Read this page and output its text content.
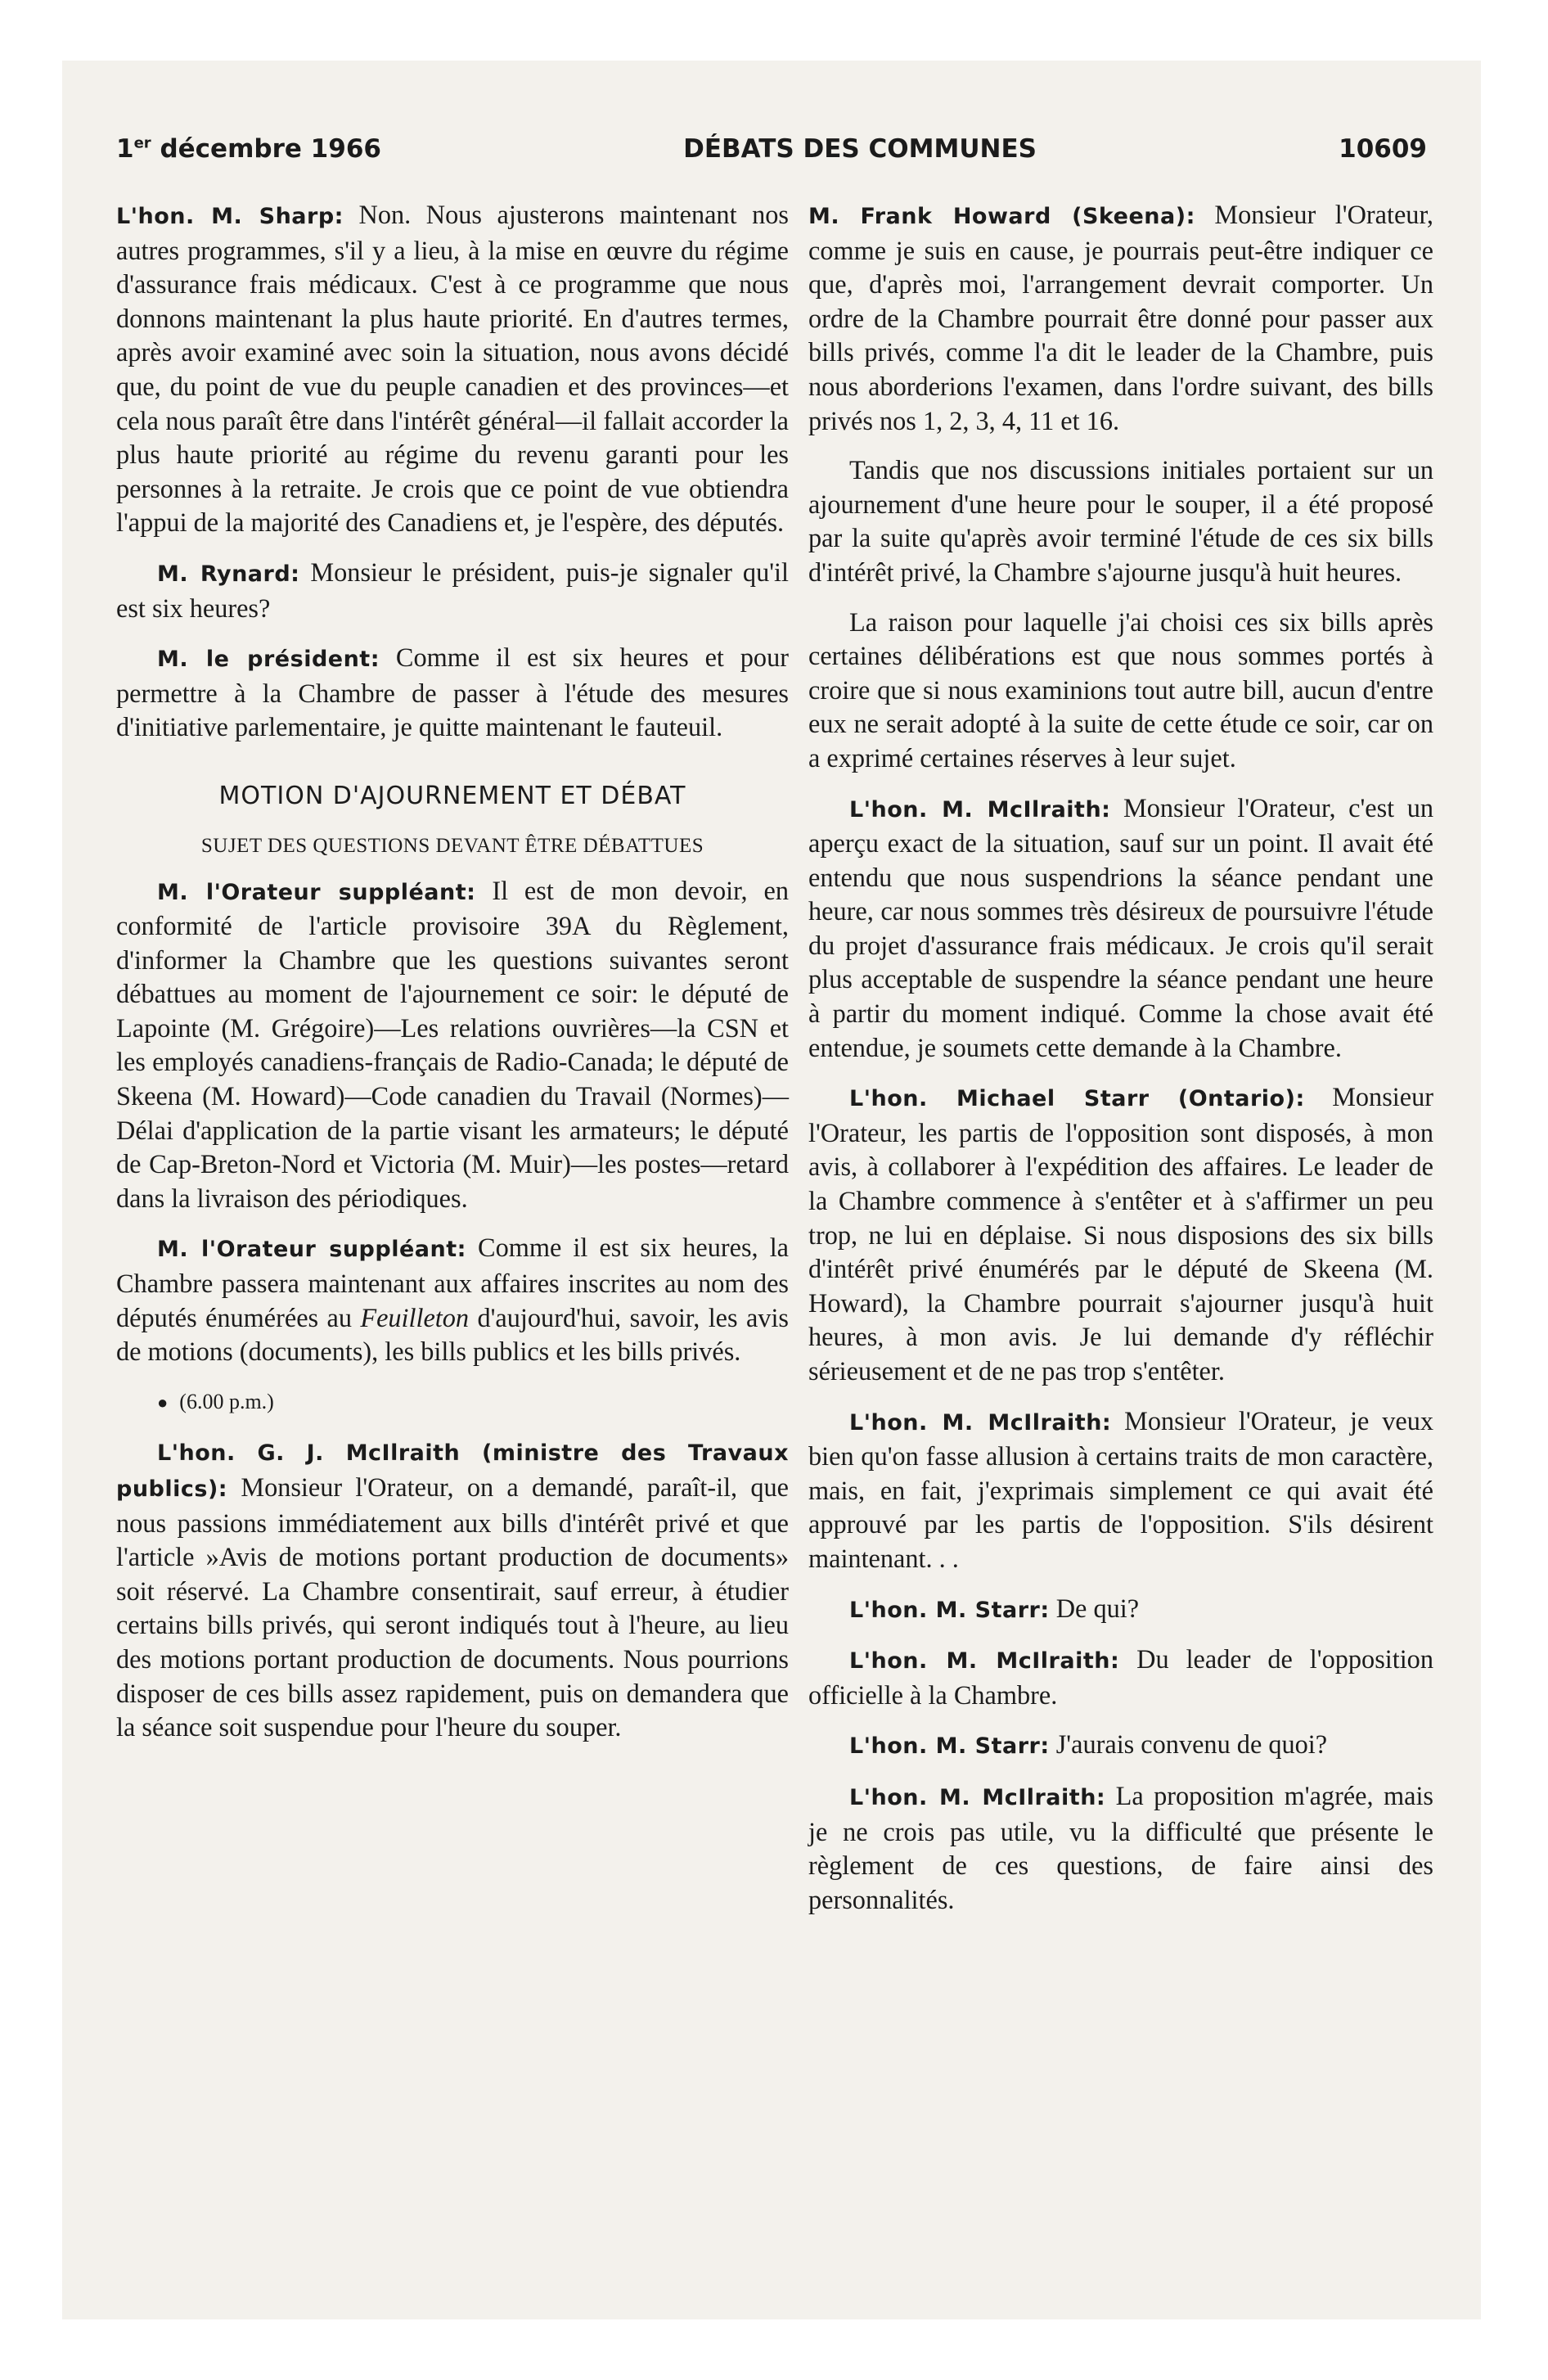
1er décembre 1966	DÉBATS DES COMMUNES	10609

L'hon. M. Sharp: Non. Nous ajusterons maintenant nos autres programmes, s'il y a lieu, à la mise en œuvre du régime d'assurance frais médicaux. C'est à ce programme que nous donnons maintenant la plus haute priorité. En d'autres termes, après avoir examiné avec soin la situation, nous avons décidé que, du point de vue du peuple canadien et des provinces—et cela nous paraît être dans l'intérêt général—il fallait accorder la plus haute priorité au régime du revenu garanti pour les personnes à la retraite. Je crois que ce point de vue obtiendra l'appui de la majorité des Canadiens et, je l'espère, des députés.

M. Rynard: Monsieur le président, puis-je signaler qu'il est six heures?

M. le président: Comme il est six heures et pour permettre à la Chambre de passer à l'étude des mesures d'initiative parlementaire, je quitte maintenant le fauteuil.

MOTION D'AJOURNEMENT ET DÉBAT
SUJET DES QUESTIONS DEVANT ÊTRE DÉBATTUES

M. l'Orateur suppléant: Il est de mon devoir, en conformité de l'article provisoire 39A du Règlement, d'informer la Chambre que les questions suivantes seront débattues au moment de l'ajournement ce soir: le député de Lapointe (M. Grégoire)—Les relations ouvrières—la CSN et les employés canadiens-français de Radio-Canada; le député de Skeena (M. Howard)—Code canadien du Travail (Normes)—Délai d'application de la partie visant les armateurs; le député de Cap-Breton-Nord et Victoria (M. Muir)—les postes—retard dans la livraison des périodiques.

M. l'Orateur suppléant: Comme il est six heures, la Chambre passera maintenant aux affaires inscrites au nom des députés énumérées au Feuilleton d'aujourd'hui, savoir, les avis de motions (documents), les bills publics et les bills privés.

● (6.00 p.m.)

L'hon. G. J. McIlraith (ministre des Travaux publics): Monsieur l'Orateur, on a demandé, paraît-il, que nous passions immédiatement aux bills d'intérêt privé et que l'article »Avis de motions portant production de documents» soit réservé. La Chambre consentirait, sauf erreur, à étudier certains bills privés, qui seront indiqués tout à l'heure, au lieu des motions portant production de documents. Nous pourrions disposer de ces bills assez rapidement, puis on demandera que la séance soit suspendue pour l'heure du souper.

M. Frank Howard (Skeena): Monsieur l'Orateur, comme je suis en cause, je pourrais peut-être indiquer ce que, d'après moi, l'arrangement devrait comporter. Un ordre de la Chambre pourrait être donné pour passer aux bills privés, comme l'a dit le leader de la Chambre, puis nous aborderions l'examen, dans l'ordre suivant, des bills privés nos 1, 2, 3, 4, 11 et 16.

Tandis que nos discussions initiales portaient sur un ajournement d'une heure pour le souper, il a été proposé par la suite qu'après avoir terminé l'étude de ces six bills d'intérêt privé, la Chambre s'ajourne jusqu'à huit heures.

La raison pour laquelle j'ai choisi ces six bills après certaines délibérations est que nous sommes portés à croire que si nous examinions tout autre bill, aucun d'entre eux ne serait adopté à la suite de cette étude ce soir, car on a exprimé certaines réserves à leur sujet.

L'hon. M. McIlraith: Monsieur l'Orateur, c'est un aperçu exact de la situation, sauf sur un point. Il avait été entendu que nous suspendrions la séance pendant une heure, car nous sommes très désireux de poursuivre l'étude du projet d'assurance frais médicaux. Je crois qu'il serait plus acceptable de suspendre la séance pendant une heure à partir du moment indiqué. Comme la chose avait été entendue, je soumets cette demande à la Chambre.

L'hon. Michael Starr (Ontario): Monsieur l'Orateur, les partis de l'opposition sont disposés, à mon avis, à collaborer à l'expédition des affaires. Le leader de la Chambre commence à s'entêter et à s'affirmer un peu trop, ne lui en déplaise. Si nous disposions des six bills d'intérêt privé énumérés par le député de Skeena (M. Howard), la Chambre pourrait s'ajourner jusqu'à huit heures, à mon avis. Je lui demande d'y réfléchir sérieusement et de ne pas trop s'entêter.

L'hon. M. McIlraith: Monsieur l'Orateur, je veux bien qu'on fasse allusion à certains traits de mon caractère, mais, en fait, j'exprimais simplement ce qui avait été approuvé par les partis de l'opposition. S'ils désirent maintenant. . .

L'hon. M. Starr: De qui?

L'hon. M. McIlraith: Du leader de l'opposition officielle à la Chambre.

L'hon. M. Starr: J'aurais convenu de quoi?

L'hon. M. McIlraith: La proposition m'agrée, mais je ne crois pas utile, vu la difficulté que présente le règlement de ces questions, de faire ainsi des personnalités.
